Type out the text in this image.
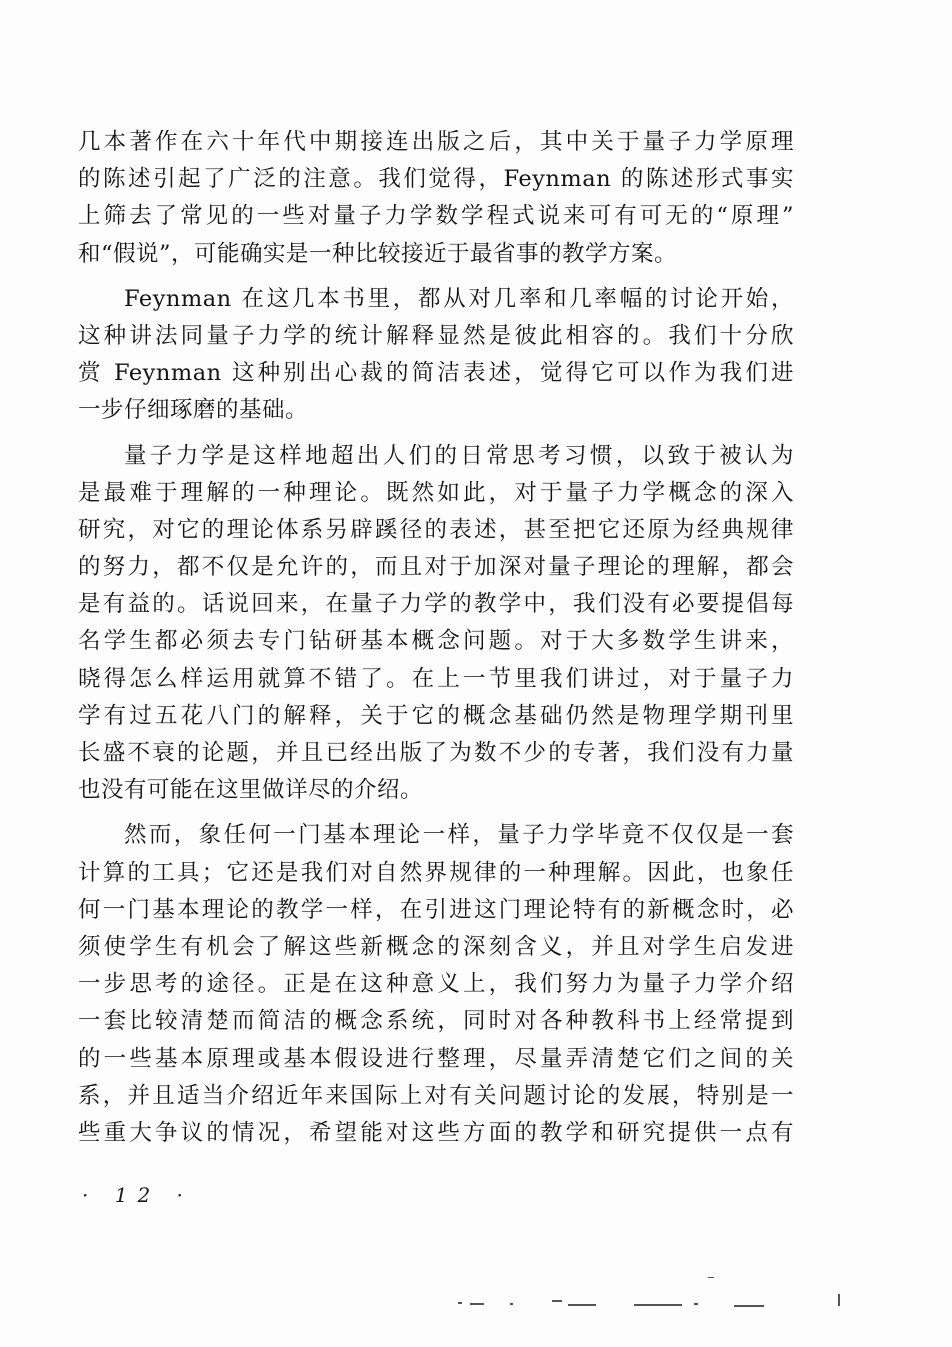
几本著作在六十年代中期接连出版之后，其中关于量子力学原理
的陈述引起了广泛的注意。我们觉得，Feynman 的陈述形式事实
上筛去了常见的一些对量子力学数学程式说来可有可无的“原理”
和“假说”，可能确实是一种比较接近于最省事的教学方案。
Feynman 在这几本书里，都从对几率和几率幅的讨论开始，
这种讲法同量子力学的统计解释显然是彼此相容的。我们十分欣
赏 Feynman 这种别出心裁的简洁表述，觉得它可以作为我们进
一步仔细琢磨的基础。
量子力学是这样地超出人们的日常思考习惯，以致于被认为
是最难于理解的一种理论。既然如此，对于量子力学概念的深入
研究，对它的理论体系另辟蹊径的表述，甚至把它还原为经典规律
的努力，都不仅是允许的，而且对于加深对量子理论的理解，都会
是有益的。话说回来，在量子力学的教学中，我们没有必要提倡每
名学生都必须去专门钻研基本概念问题。对于大多数学生讲来，
晓得怎么样运用就算不错了。在上一节里我们讲过，对于量子力
学有过五花八门的解释，关于它的概念基础仍然是物理学期刊里
长盛不衰的论题，并且已经出版了为数不少的专著，我们没有力量
也没有可能在这里做详尽的介绍。
然而，象任何一门基本理论一样，量子力学毕竟不仅仅是一套
计算的工具；它还是我们对自然界规律的一种理解。因此，也象任
何一门基本理论的教学一样，在引进这门理论特有的新概念时，必
须使学生有机会了解这些新概念的深刻含义，并且对学生启发进
一步思考的途径。正是在这种意义上，我们努力为量子力学介绍
一套比较清楚而简洁的概念系统，同时对各种教科书上经常提到
的一些基本原理或基本假设进行整理，尽量弄清楚它们之间的关
系，并且适当介绍近年来国际上对有关问题讨论的发展，特别是一
些重大争议的情况，希望能对这些方面的教学和研究提供一点有
· 12 ·
